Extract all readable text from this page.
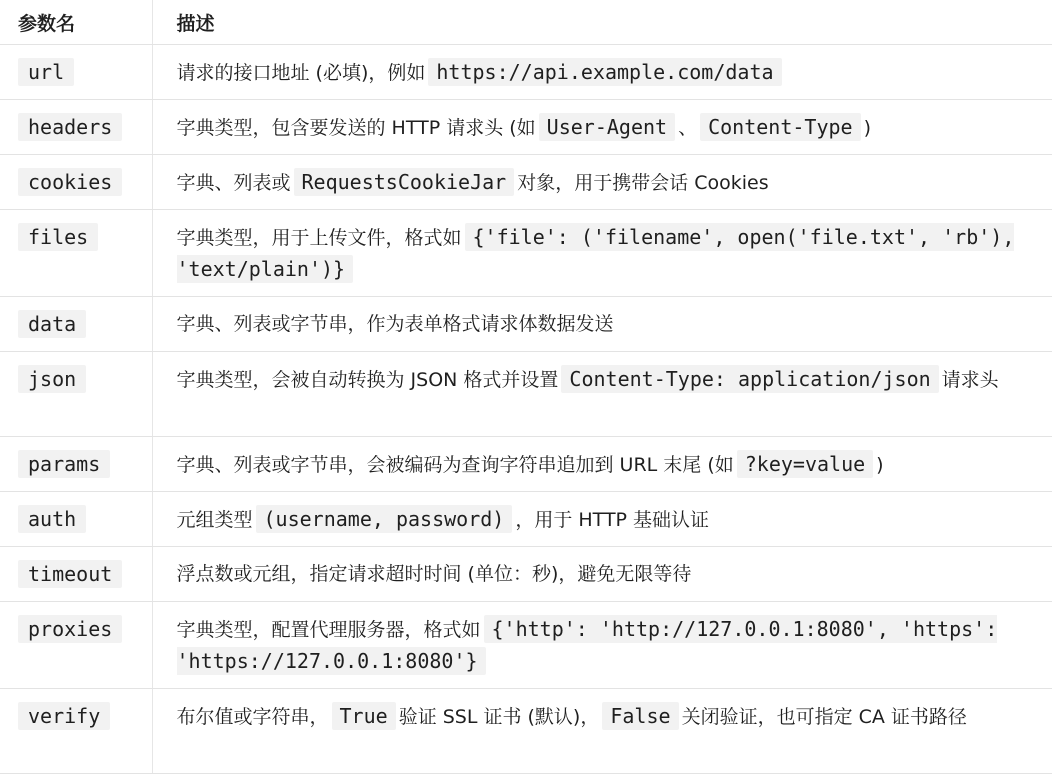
参数名	描述
url	请求的接口地址 (必填)，例如 https://api.example.com/data
headers	字典类型，包含要发送的 HTTP 请求头 (如 User-Agent 、 Content-Type )
cookies	字典、列表或 RequestsCookieJar 对象，用于携带会话 Cookies
files	字典类型，用于上传文件，格式如 {'file': ('filename', open('file.txt', 'rb'), 'text/plain')}
data	字典、列表或字节串，作为表单格式请求体数据发送
json	字典类型，会被自动转换为 JSON 格式并设置 Content-Type: application/json 请求头
params	字典、列表或字节串，会被编码为查询字符串追加到 URL 末尾 (如 ?key=value )
auth	元组类型 (username, password) ，用于 HTTP 基础认证
timeout	浮点数或元组，指定请求超时时间 (单位：秒)，避免无限等待
proxies	字典类型，配置代理服务器，格式如 {'http': 'http://127.0.0.1:8080', 'https': 'https://127.0.0.1:8080'}
verify	布尔值或字符串， True 验证 SSL 证书 (默认)， False 关闭验证，也可指定 CA 证书路径
